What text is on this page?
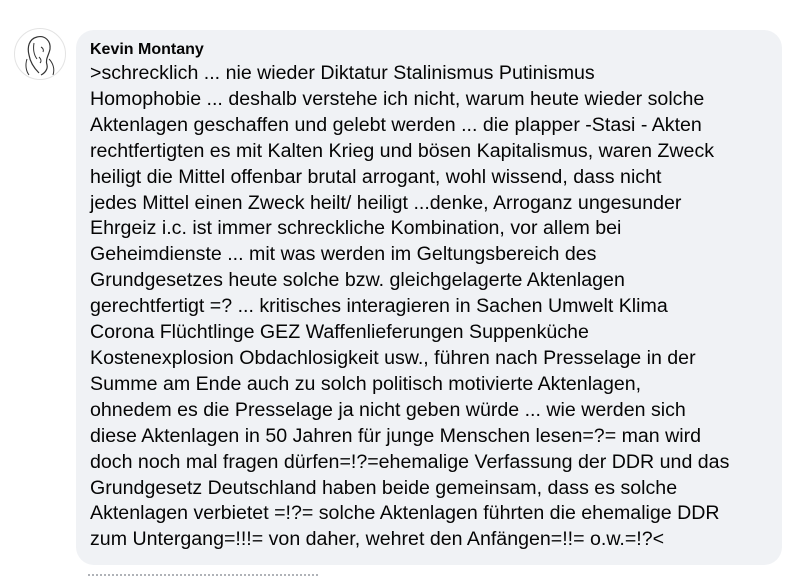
Kevin Montany
>schrecklich ... nie wieder Diktatur Stalinismus Putinismus
Homophobie ... deshalb verstehe ich nicht, warum heute wieder solche
Aktenlagen geschaffen und gelebt werden ... die plapper -Stasi - Akten
rechtfertigten es mit Kalten Krieg und bösen Kapitalismus, waren Zweck
heiligt die Mittel offenbar brutal arrogant, wohl wissend, dass nicht
jedes Mittel einen Zweck heilt/ heiligt ...denke, Arroganz ungesunder
Ehrgeiz i.c. ist immer schreckliche Kombination, vor allem bei
Geheimdienste ... mit was werden im Geltungsbereich des
Grundgesetzes heute solche bzw. gleichgelagerte Aktenlagen
gerechtfertigt =? ... kritisches interagieren in Sachen Umwelt Klima
Corona Flüchtlinge GEZ Waffenlieferungen Suppenküche
Kostenexplosion Obdachlosigkeit usw., führen nach Presselage in der
Summe am Ende auch zu solch politisch motivierte Aktenlagen,
ohnedem es die Presselage ja nicht geben würde ... wie werden sich
diese Aktenlagen in 50 Jahren für junge Menschen lesen=?= man wird
doch noch mal fragen dürfen=!?=ehemalige Verfassung der DDR und das
Grundgesetz Deutschland haben beide gemeinsam, dass es solche
Aktenlagen verbietet =!?= solche Aktenlagen führten die ehemalige DDR
zum Untergang=!!!= von daher, wehret den Anfängen=!!= o.w.=!?<
